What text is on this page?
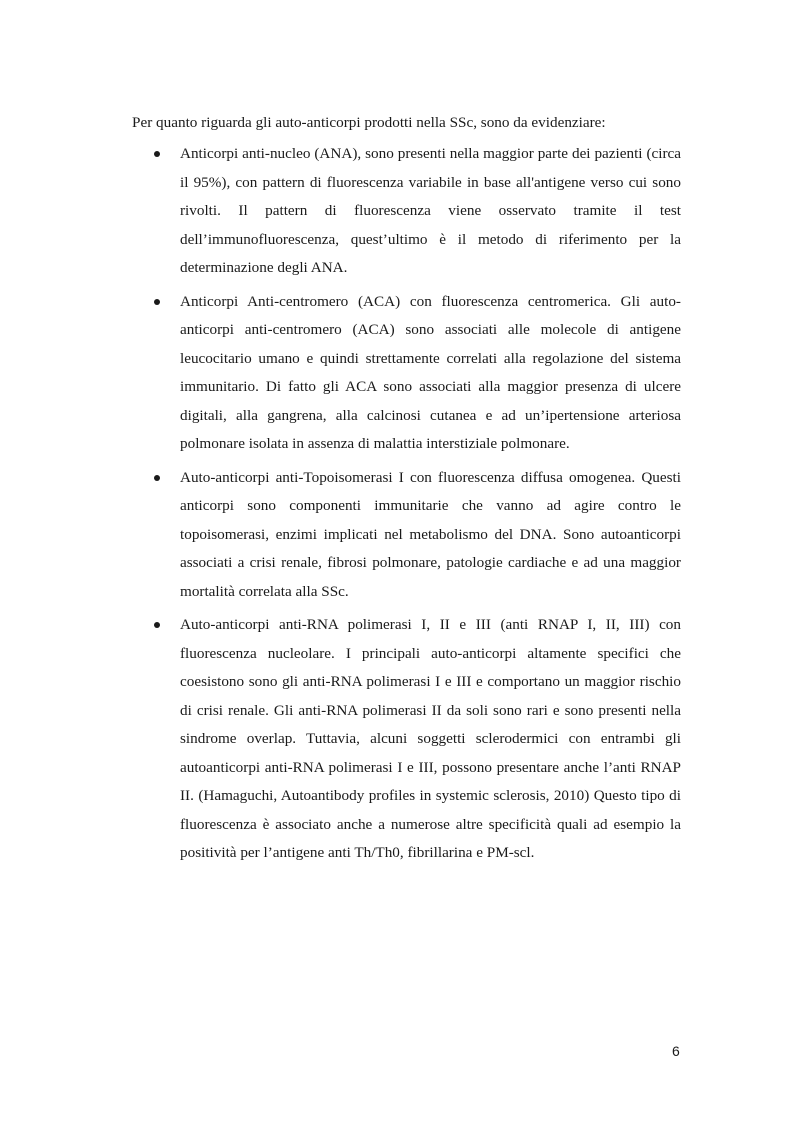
Per quanto riguarda gli auto-anticorpi prodotti nella SSc, sono da evidenziare:

Anticorpi anti-nucleo (ANA), sono presenti nella maggior parte dei pazienti (circa il 95%), con pattern di fluorescenza variabile in base all'antigene verso cui sono rivolti. Il pattern di fluorescenza viene osservato tramite il test dell’immunofluorescenza, quest’ultimo è il metodo di riferimento per la determinazione degli ANA.
Anticorpi Anti-centromero (ACA) con fluorescenza centromerica. Gli auto-anticorpi anti-centromero (ACA) sono associati alle molecole di antigene leucocitario umano e quindi strettamente correlati alla regolazione del sistema immunitario. Di fatto gli ACA sono associati alla maggior presenza di ulcere digitali, alla gangrena, alla calcinosi cutanea e ad un’ipertensione arteriosa polmonare isolata in assenza di malattia interstiziale polmonare.
Auto-anticorpi anti-Topoisomerasi I con fluorescenza diffusa omogenea. Questi anticorpi sono componenti immunitarie che vanno ad agire contro le topoisomerasi, enzimi implicati nel metabolismo del DNA. Sono autoanticorpi associati a crisi renale, fibrosi polmonare, patologie cardiache e ad una maggior mortalità correlata alla SSc.
Auto-anticorpi anti-RNA polimerasi I, II e III (anti RNAP I, II, III) con fluorescenza nucleolare. I principali auto-anticorpi altamente specifici che coesistono sono gli anti-RNA polimerasi I e III e comportano un maggior rischio di crisi renale. Gli anti-RNA polimerasi II da soli sono rari e sono presenti nella sindrome overlap. Tuttavia, alcuni soggetti sclerodermici con entrambi gli autoanticorpi anti-RNA polimerasi I e III, possono presentare anche l’anti RNAP II. (Hamaguchi, Autoantibody profiles in systemic sclerosis, 2010) Questo tipo di fluorescenza è associato anche a numerose altre specificità quali ad esempio la positività per l’antigene anti Th/Th0, fibrillarina e PM-scl.
6
